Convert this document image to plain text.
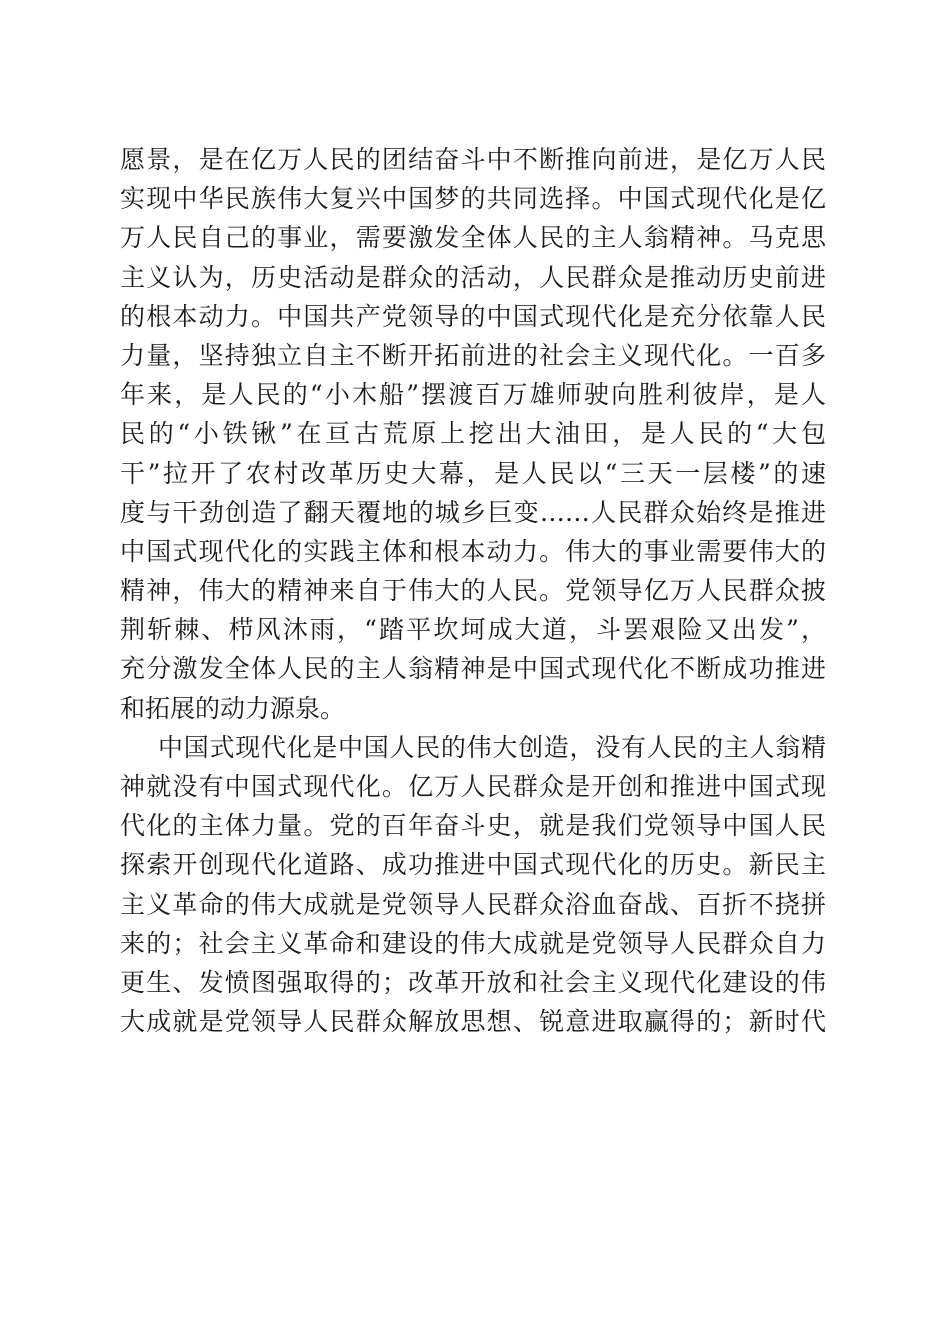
愿景，是在亿万人民的团结奋斗中不断推向前进，是亿万人民
实现中华民族伟大复兴中国梦的共同选择。中国式现代化是亿
万人民自己的事业，需要激发全体人民的主人翁精神。马克思
主义认为，历史活动是群众的活动，人民群众是推动历史前进
的根本动力。中国共产党领导的中国式现代化是充分依靠人民
力量，坚持独立自主不断开拓前进的社会主义现代化。一百多
年来，是人民的“小木船”摆渡百万雄师驶向胜利彼岸，是人
民的“小铁锹”在亘古荒原上挖出大油田，是人民的“大包
干”拉开了农村改革历史大幕，是人民以“三天一层楼”的速
度与干劲创造了翻天覆地的城乡巨变……人民群众始终是推进
中国式现代化的实践主体和根本动力。伟大的事业需要伟大的
精神，伟大的精神来自于伟大的人民。党领导亿万人民群众披
荆斩棘、栉风沐雨，“踏平坎坷成大道，斗罢艰险又出发”，
充分激发全体人民的主人翁精神是中国式现代化不断成功推进
和拓展的动力源泉。
中国式现代化是中国人民的伟大创造，没有人民的主人翁精
神就没有中国式现代化。亿万人民群众是开创和推进中国式现
代化的主体力量。党的百年奋斗史，就是我们党领导中国人民
探索开创现代化道路、成功推进中国式现代化的历史。新民主
主义革命的伟大成就是党领导人民群众浴血奋战、百折不挠拼
来的；社会主义革命和建设的伟大成就是党领导人民群众自力
更生、发愤图强取得的；改革开放和社会主义现代化建设的伟
大成就是党领导人民群众解放思想、锐意进取赢得的；新时代
